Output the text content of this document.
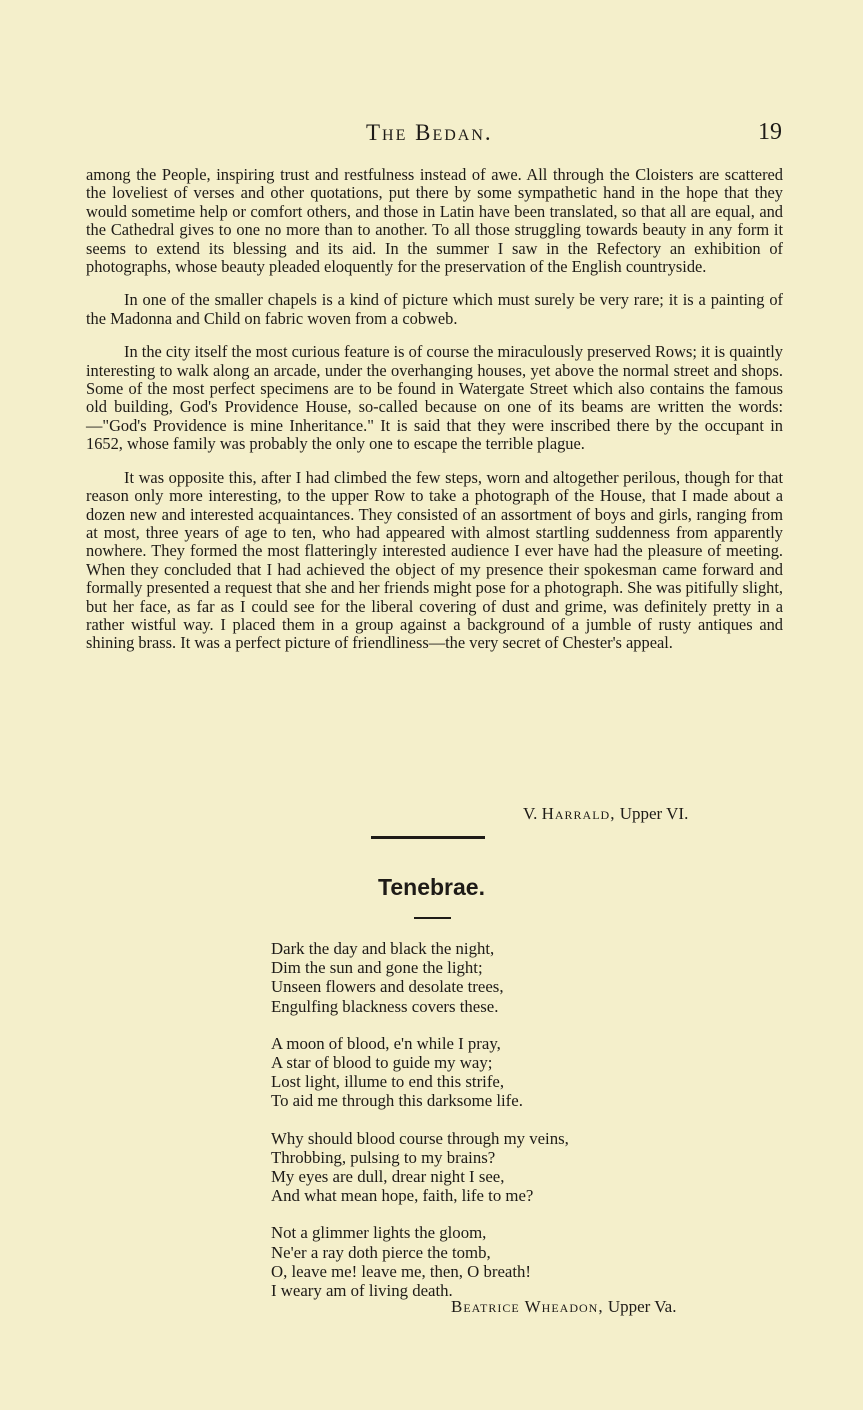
The Bedan.	19

among the People, inspiring trust and restfulness instead of awe. All through the Cloisters are scattered the loveliest of verses and other quotations, put there by some sympathetic hand in the hope that they would sometime help or comfort others, and those in Latin have been translated, so that all are equal, and the Cathedral gives to one no more than to another. To all those struggling towards beauty in any form it seems to extend its blessing and its aid. In the summer I saw in the Refectory an exhibition of photographs, whose beauty pleaded eloquently for the preservation of the English countryside.

In one of the smaller chapels is a kind of picture which must surely be very rare; it is a painting of the Madonna and Child on fabric woven from a cobweb.

In the city itself the most curious feature is of course the miraculously preserved Rows; it is quaintly interesting to walk along an arcade, under the overhanging houses, yet above the normal street and shops. Some of the most perfect specimens are to be found in Watergate Street which also contains the famous old building, God's Providence House, so-called because on one of its beams are written the words:—"God's Providence is mine Inheritance." It is said that they were inscribed there by the occupant in 1652, whose family was probably the only one to escape the terrible plague.

It was opposite this, after I had climbed the few steps, worn and altogether perilous, though for that reason only more interesting, to the upper Row to take a photograph of the House, that I made about a dozen new and interested acquaintances. They consisted of an assortment of boys and girls, ranging from at most, three years of age to ten, who had appeared with almost startling suddenness from apparently nowhere. They formed the most flatteringly interested audience I ever have had the pleasure of meeting. When they concluded that I had achieved the object of my presence their spokesman came forward and formally presented a request that she and her friends might pose for a photograph. She was pitifully slight, but her face, as far as I could see for the liberal covering of dust and grime, was definitely pretty in a rather wistful way. I placed them in a group against a background of a jumble of rusty antiques and shining brass. It was a perfect picture of friendliness—the very secret of Chester's appeal.

V. Harrald, Upper VI.
Tenebrae.
Dark the day and black the night,
Dim the sun and gone the light;
Unseen flowers and desolate trees,
Engulfing blackness covers these.
A moon of blood, e'n while I pray,
A star of blood to guide my way;
Lost light, illume to end this strife,
To aid me through this darksome life.
Why should blood course through my veins,
Throbbing, pulsing to my brains?
My eyes are dull, drear night I see,
And what mean hope, faith, life to me?
Not a glimmer lights the gloom,
Ne'er a ray doth pierce the tomb,
O, leave me! leave me, then, O breath!
I weary am of living death.
Beatrice Wheadon, Upper Va.
